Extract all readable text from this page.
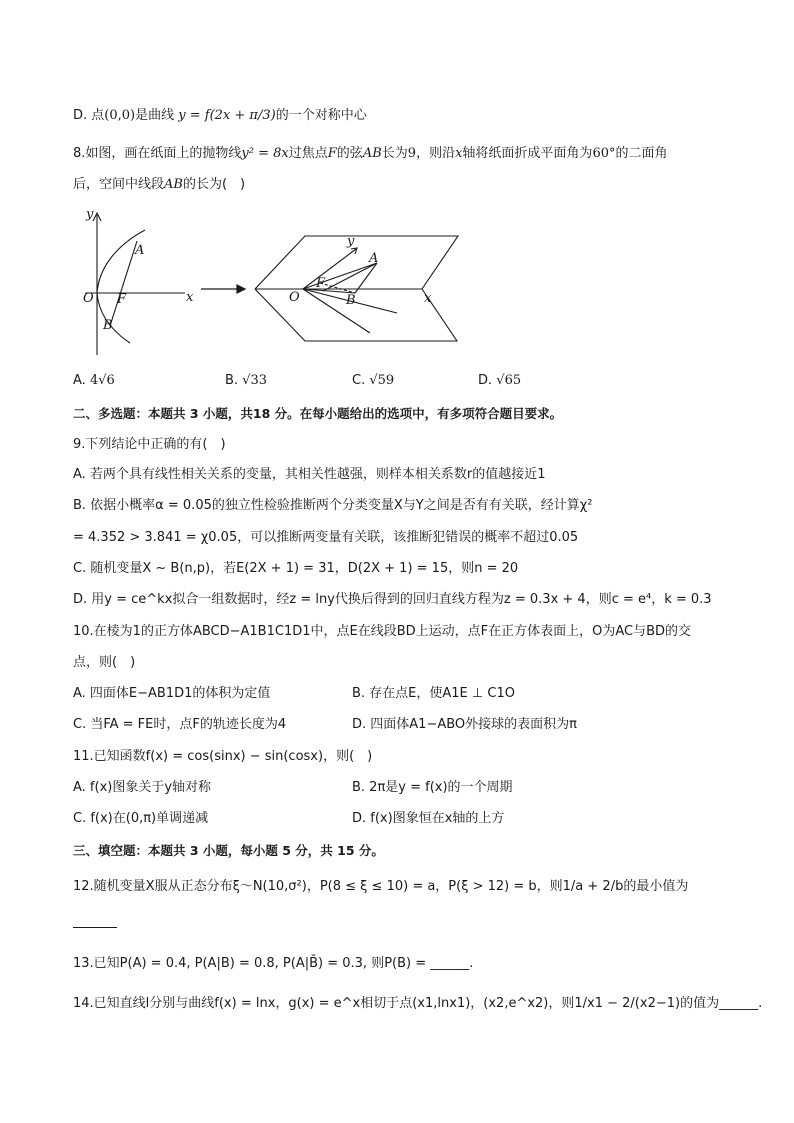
D. 点(0,0)是曲线 y = f(2x + π/3)的一个对称中心
8.如图，画在纸面上的抛物线y² = 8x过焦点F的弦AB长为9，则沿x轴将纸面折成平面角为60°的二面角
后，空间中线段AB的长为(　)
y
x
O F
A
B
y
x
O
F
A
B
A. 4√6	B. √33	C. √59	D. √65
二、多选题：本题共 3 小题，共18 分。在每小题给出的选项中，有多项符合题目要求。
9.下列结论中正确的有(　)
A. 若两个具有线性相关关系的变量，其相关性越强，则样本相关系数r的值越接近1
B. 依据小概率α = 0.05的独立性检验推断两个分类变量X与Y之间是否有有关联，经计算χ²
= 4.352 > 3.841 = χ0.05，可以推断两变量有关联，该推断犯错误的概率不超过0.05
C. 随机变量X ~ B(n,p)，若E(2X + 1) = 31，D(2X + 1) = 15，则n = 20
D. 用y = ce^kx拟合一组数据时，经z = lny代换后得到的回归直线方程为z = 0.3x + 4，则c = e⁴，k = 0.3
10.在棱为1的正方体ABCD−A1B1C1D1中，点E在线段BD上运动，点F在正方体表面上，O为AC与BD的交
点，则(　)
A. 四面体E−AB1D1的体积为定值	B. 存在点E，使A1E ⊥ C1O
C. 当FA = FE时，点F的轨迹长度为4	D. 四面体A1−ABO外接球的表面积为π
11.已知函数f(x) = cos(sinx) − sin(cosx)，则(　)
A. f(x)图象关于y轴对称	B. 2π是y = f(x)的一个周期
C. f(x)在(0,π)单调递减	D. f(x)图象恒在x轴的上方
三、填空题：本题共 3 小题，每小题 5 分，共 15 分。
12.随机变量X服从正态分布ξ～N(10,σ²)，P(8 ≤ ξ ≤ 10) = a，P(ξ > 12) = b，则1/a + 2/b的最小值为
13.已知P(A) = 0.4, P(A|B) = 0.8, P(A|B̄) = 0.3, 则P(B) = ______.
14.已知直线l分别与曲线f(x) = lnx，g(x) = e^x相切于点(x1,lnx1)，(x2,e^x2)，则1/x1 − 2/(x2−1)的值为______.
